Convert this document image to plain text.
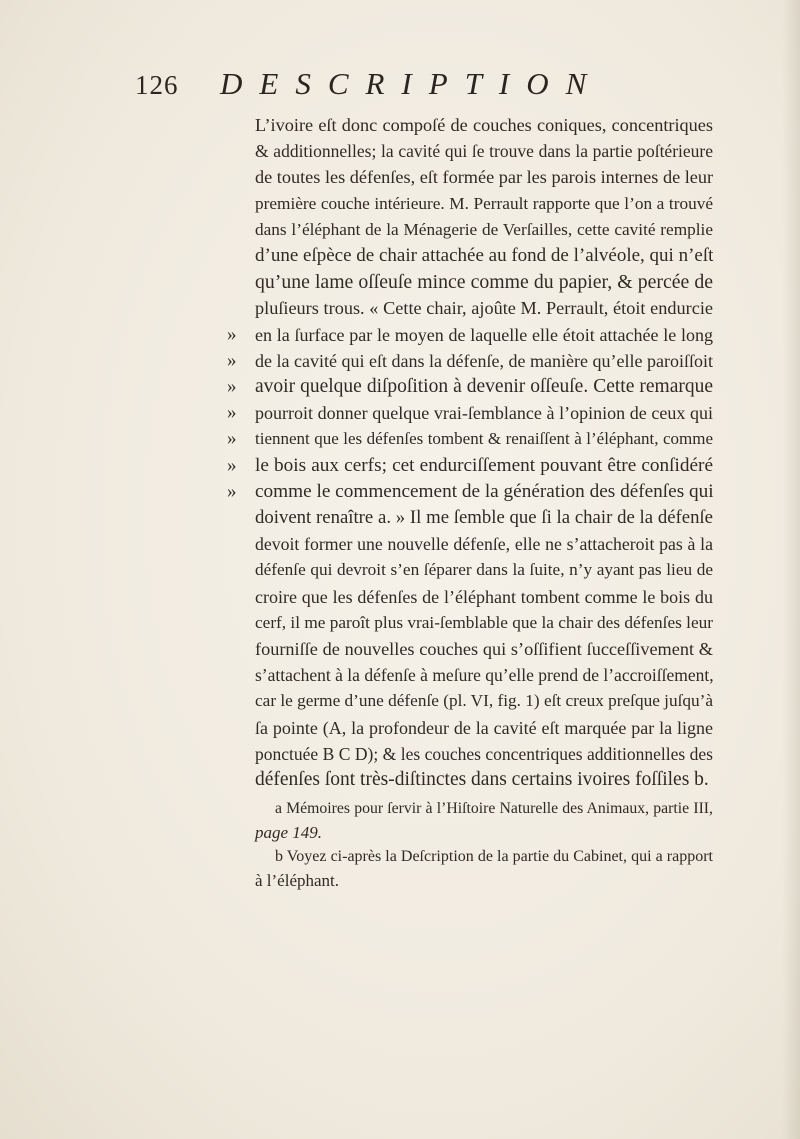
126 DESCRIPTION
L’ivoire eſt donc compoſé de couches coniques, concentriques
& additionnelles; la cavité qui ſe trouve dans la partie poſtérieure
de toutes les défenſes, eſt formée par les parois internes de leur
première couche intérieure. M. Perrault rapporte que l’on a trouvé
dans l’éléphant de la Ménagerie de Verſailles, cette cavité remplie
d’une eſpèce de chair attachée au fond de l’alvéole, qui n’eſt
qu’une lame oſſeuſe mince comme du papier, & percée de
pluſieurs trous. « Cette chair, ajoûte M. Perrault, étoit endurcie
» en la ſurface par le moyen de laquelle elle étoit attachée le long
» de la cavité qui eſt dans la défenſe, de manière qu’elle paroiſſoit
» avoir quelque diſpoſition à devenir oſſeuſe. Cette remarque
» pourroit donner quelque vrai-ſemblance à l’opinion de ceux qui
» tiennent que les défenſes tombent & renaiſſent à l’éléphant, comme
» le bois aux cerfs; cet endurciſſement pouvant être conſidéré
» comme le commencement de la génération des défenſes qui
doivent renaître a. » Il me ſemble que ſi la chair de la défenſe
devoit former une nouvelle défenſe, elle ne s’attacheroit pas à la
défenſe qui devroit s’en ſéparer dans la ſuite, n’y ayant pas lieu de
croire que les défenſes de l’éléphant tombent comme le bois du
cerf, il me paroît plus vrai-ſemblable que la chair des défenſes leur
fourniſſe de nouvelles couches qui s’oſſifient ſucceſſivement &
s’attachent à la défenſe à meſure qu’elle prend de l’accroiſſement,
car le germe d’une défenſe (pl. VI, fig. 1) eſt creux preſque juſqu’à
ſa pointe (A, la profondeur de la cavité eſt marquée par la ligne
ponctuée B C D); & les couches concentriques additionnelles des
défenſes ſont très-diſtinctes dans certains ivoires foſſiles b.
a Mémoires pour ſervir à l’Hiſtoire Naturelle des Animaux, partie III,
page 149.
b Voyez ci-après la Deſcription de la partie du Cabinet, qui a rapport
à l’éléphant.
